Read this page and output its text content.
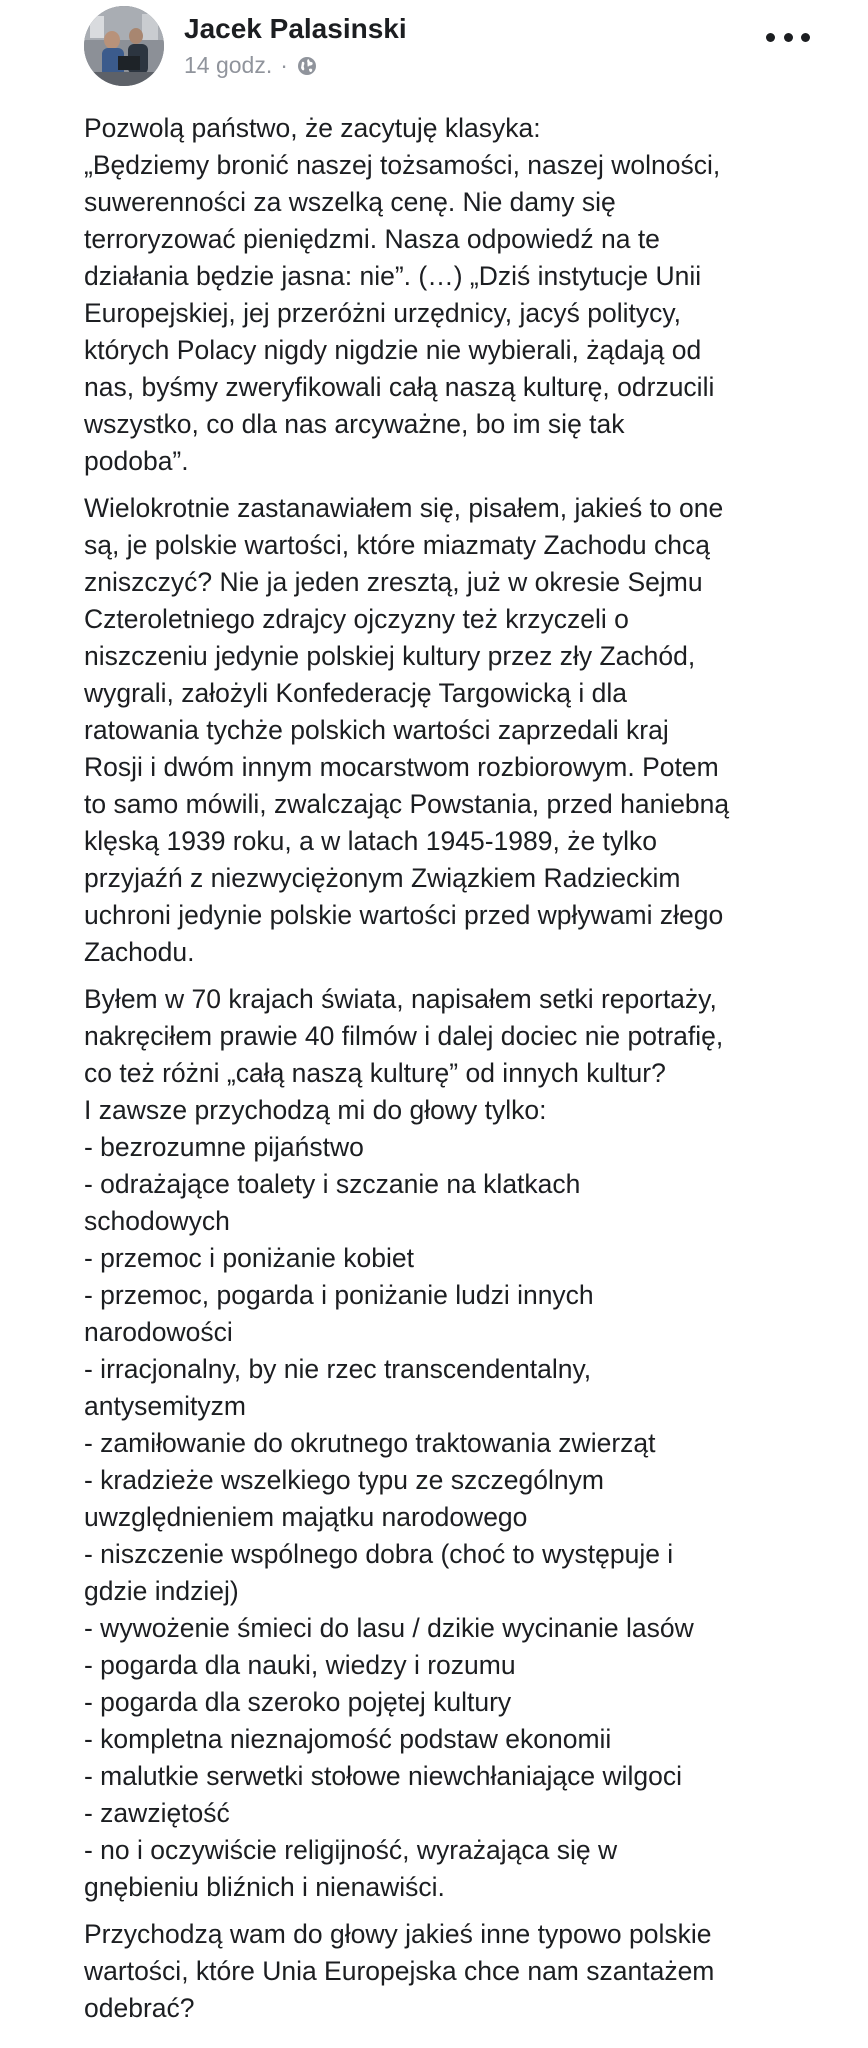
Jacek Palasinski
14 godz. ·
Pozwolą państwo, że zacytuję klasyka:
„Będziemy bronić naszej tożsamości, naszej wolności,
suwerenności za wszelką cenę. Nie damy się
terroryzować pieniędzmi. Nasza odpowiedź na te
działania będzie jasna: nie”. (…) „Dziś instytucje Unii
Europejskiej, jej przeróżni urzędnicy, jacyś politycy,
których Polacy nigdy nigdzie nie wybierali, żądają od
nas, byśmy zweryfikowali całą naszą kulturę, odrzucili
wszystko, co dla nas arcyważne, bo im się tak
podoba”.
Wielokrotnie zastanawiałem się, pisałem, jakieś to one
są, je polskie wartości, które miazmaty Zachodu chcą
zniszczyć? Nie ja jeden zresztą, już w okresie Sejmu
Czteroletniego zdrajcy ojczyzny też krzyczeli o
niszczeniu jedynie polskiej kultury przez zły Zachód,
wygrali, założyli Konfederację Targowicką i dla
ratowania tychże polskich wartości zaprzedali kraj
Rosji i dwóm innym mocarstwom rozbiorowym. Potem
to samo mówili, zwalczając Powstania, przed haniebną
klęską 1939 roku, a w latach 1945-1989, że tylko
przyjaźń z niezwyciężonym Związkiem Radzieckim
uchroni jedynie polskie wartości przed wpływami złego
Zachodu.
Byłem w 70 krajach świata, napisałem setki reportaży,
nakręciłem prawie 40 filmów i dalej dociec nie potrafię,
co też różni „całą naszą kulturę” od innych kultur?
I zawsze przychodzą mi do głowy tylko:
- bezrozumne pijaństwo
- odrażające toalety i szczanie na klatkach
schodowych
- przemoc i poniżanie kobiet
- przemoc, pogarda i poniżanie ludzi innych
narodowości
- irracjonalny, by nie rzec transcendentalny,
antysemityzm
- zamiłowanie do okrutnego traktowania zwierząt
- kradzieże wszelkiego typu ze szczególnym
uwzględnieniem majątku narodowego
- niszczenie wspólnego dobra (choć to występuje i
gdzie indziej)
- wywożenie śmieci do lasu / dzikie wycinanie lasów
- pogarda dla nauki, wiedzy i rozumu
- pogarda dla szeroko pojętej kultury
- kompletna nieznajomość podstaw ekonomii
- malutkie serwetki stołowe niewchłaniające wilgoci
- zawziętość
- no i oczywiście religijność, wyrażająca się w
gnębieniu bliźnich i nienawiści.
Przychodzą wam do głowy jakieś inne typowo polskie
wartości, które Unia Europejska chce nam szantażem
odebrać?
